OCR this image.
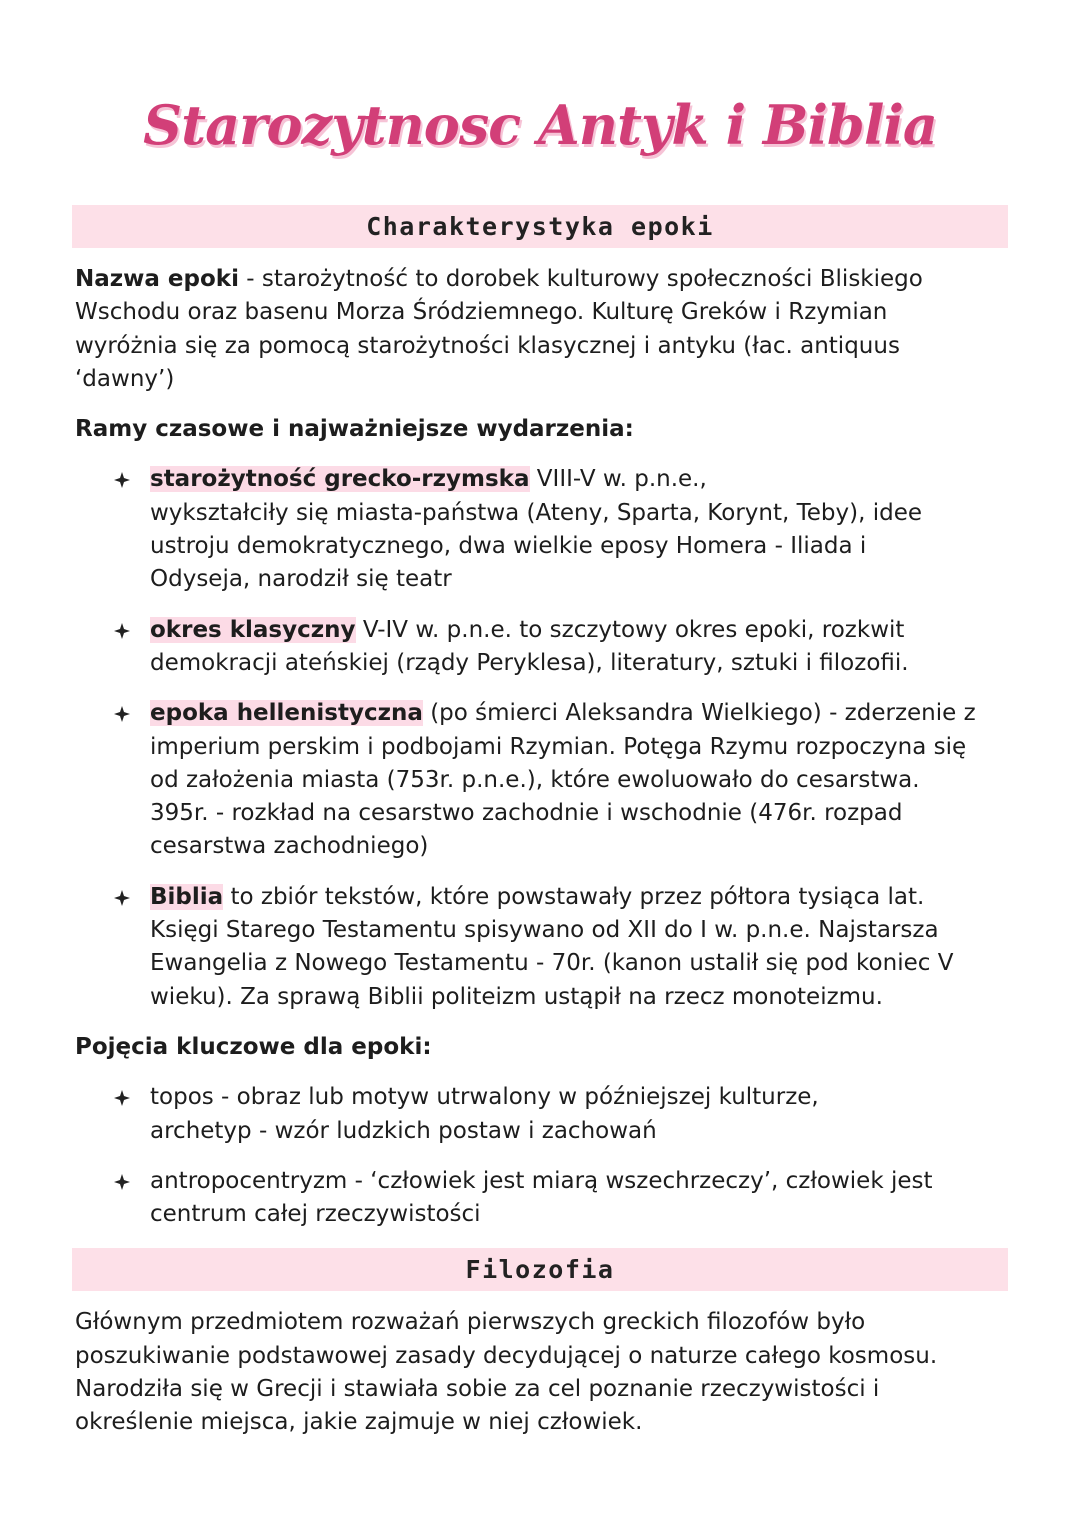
Starozytnosc Antyk i Biblia
Charakterystyka epoki
Nazwa epoki - starożytność to dorobek kulturowy społeczności Bliskiego
Wschodu oraz basenu Morza Śródziemnego. Kulturę Greków i Rzymian
wyróżnia się za pomocą starożytności klasycznej i antyku (łac. antiquus
‘dawny’)
Ramy czasowe i najważniejsze wydarzenia:
starożytność grecko-rzymska VIII-V w. p.n.e.,
wykształciły się miasta-państwa (Ateny, Sparta, Korynt, Teby), idee
ustroju demokratycznego, dwa wielkie eposy Homera - Iliada i
Odyseja, narodził się teatr
okres klasyczny V-IV w. p.n.e. to szczytowy okres epoki, rozkwit
demokracji ateńskiej (rządy Peryklesa), literatury, sztuki i filozofii.
epoka hellenistyczna (po śmierci Aleksandra Wielkiego) - zderzenie z
imperium perskim i podbojami Rzymian. Potęga Rzymu rozpoczyna się
od założenia miasta (753r. p.n.e.), które ewoluowało do cesarstwa.
395r. - rozkład na cesarstwo zachodnie i wschodnie (476r. rozpad
cesarstwa zachodniego)
Biblia to zbiór tekstów, które powstawały przez półtora tysiąca lat.
Księgi Starego Testamentu spisywano od XII do I w. p.n.e. Najstarsza
Ewangelia z Nowego Testamentu - 70r. (kanon ustalił się pod koniec V
wieku). Za sprawą Biblii politeizm ustąpił na rzecz monoteizmu.
Pojęcia kluczowe dla epoki:
topos - obraz lub motyw utrwalony w późniejszej kulturze,
archetyp - wzór ludzkich postaw i zachowań
antropocentryzm - ‘człowiek jest miarą wszechrzeczy’, człowiek jest
centrum całej rzeczywistości
Filozofia
Głównym przedmiotem rozważań pierwszych greckich filozofów było
poszukiwanie podstawowej zasady decydującej o naturze całego kosmosu.
Narodziła się w Grecji i stawiała sobie za cel poznanie rzeczywistości i
określenie miejsca, jakie zajmuje w niej człowiek.
